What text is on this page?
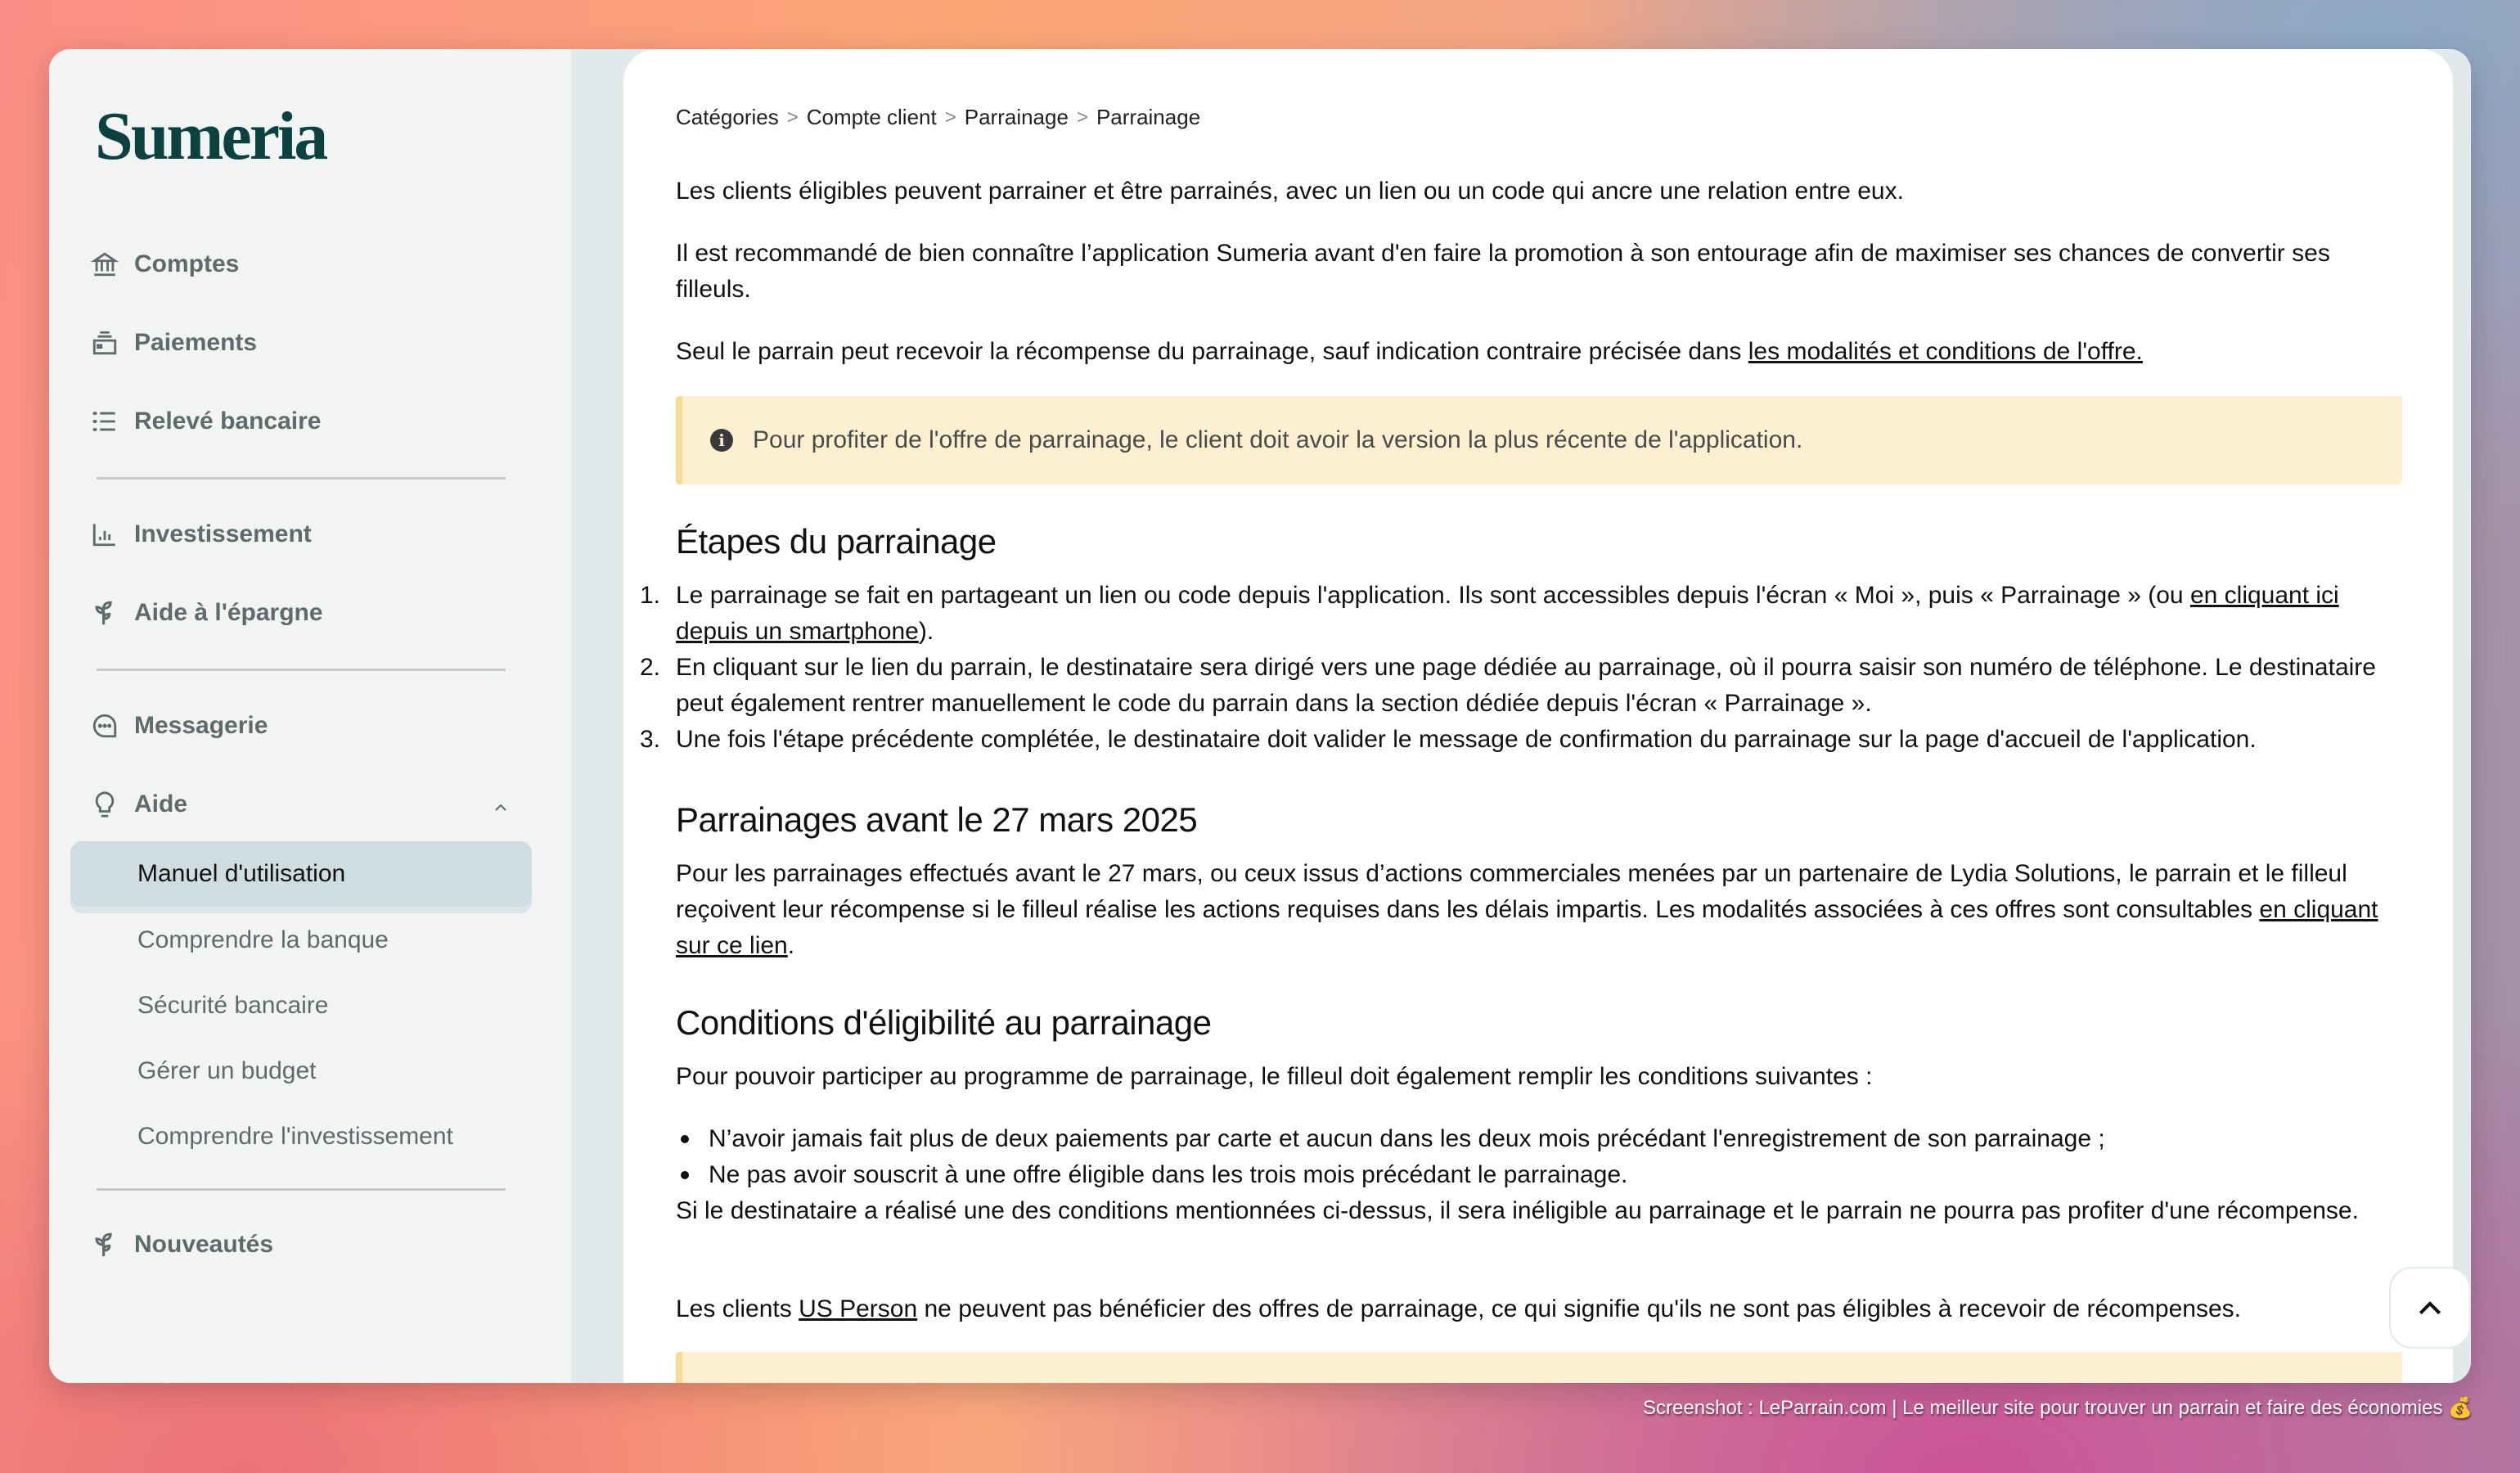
Sumeria
Comptes
Paiements
Relevé bancaire
Investissement
Aide à l'épargne
Messagerie
Aide
Manuel d'utilisation
Comprendre la banque
Sécurité bancaire
Gérer un budget
Comprendre l'investissement
Nouveautés
Catégories > Compte client > Parrainage > Parrainage

Les clients éligibles peuvent parrainer et être parrainés, avec un lien ou un code qui ancre une relation entre eux.

Il est recommandé de bien connaître l’application Sumeria avant d'en faire la promotion à son entourage afin de maximiser ses chances de convertir ses filleuls.

Seul le parrain peut recevoir la récompense du parrainage, sauf indication contraire précisée dans les modalités et conditions de l'offre.

i	Pour profiter de l'offre de parrainage, le client doit avoir la version la plus récente de l'application.
Étapes du parrainage
1. Le parrainage se fait en partageant un lien ou code depuis l'application. Ils sont accessibles depuis l'écran « Moi », puis « Parrainage » (ou en cliquant ici depuis un smartphone).
2. En cliquant sur le lien du parrain, le destinataire sera dirigé vers une page dédiée au parrainage, où il pourra saisir son numéro de téléphone. Le destinataire peut également rentrer manuellement le code du parrain dans la section dédiée depuis l'écran « Parrainage ».
3. Une fois l'étape précédente complétée, le destinataire doit valider le message de confirmation du parrainage sur la page d'accueil de l'application.
Parrainages avant le 27 mars 2025

Pour les parrainages effectués avant le 27 mars, ou ceux issus d’actions commerciales menées par un partenaire de Lydia Solutions, le parrain et le filleul reçoivent leur récompense si le filleul réalise les actions requises dans les délais impartis. Les modalités associées à ces offres sont consultables en cliquant sur ce lien.

Conditions d'éligibilité au parrainage

Pour pouvoir participer au programme de parrainage, le filleul doit également remplir les conditions suivantes :

N’avoir jamais fait plus de deux paiements par carte et aucun dans les deux mois précédant l'enregistrement de son parrainage ;
Ne pas avoir souscrit à une offre éligible dans les trois mois précédant le parrainage.

Si le destinataire a réalisé une des conditions mentionnées ci-dessus, il sera inéligible au parrainage et le parrain ne pourra pas profiter d'une récompense.

Les clients US Person ne peuvent pas bénéficier des offres de parrainage, ce qui signifie qu'ils ne sont pas éligibles à recevoir de récompenses.

Screenshot : LeParrain.com | Le meilleur site pour trouver un parrain et faire des économies 💰
